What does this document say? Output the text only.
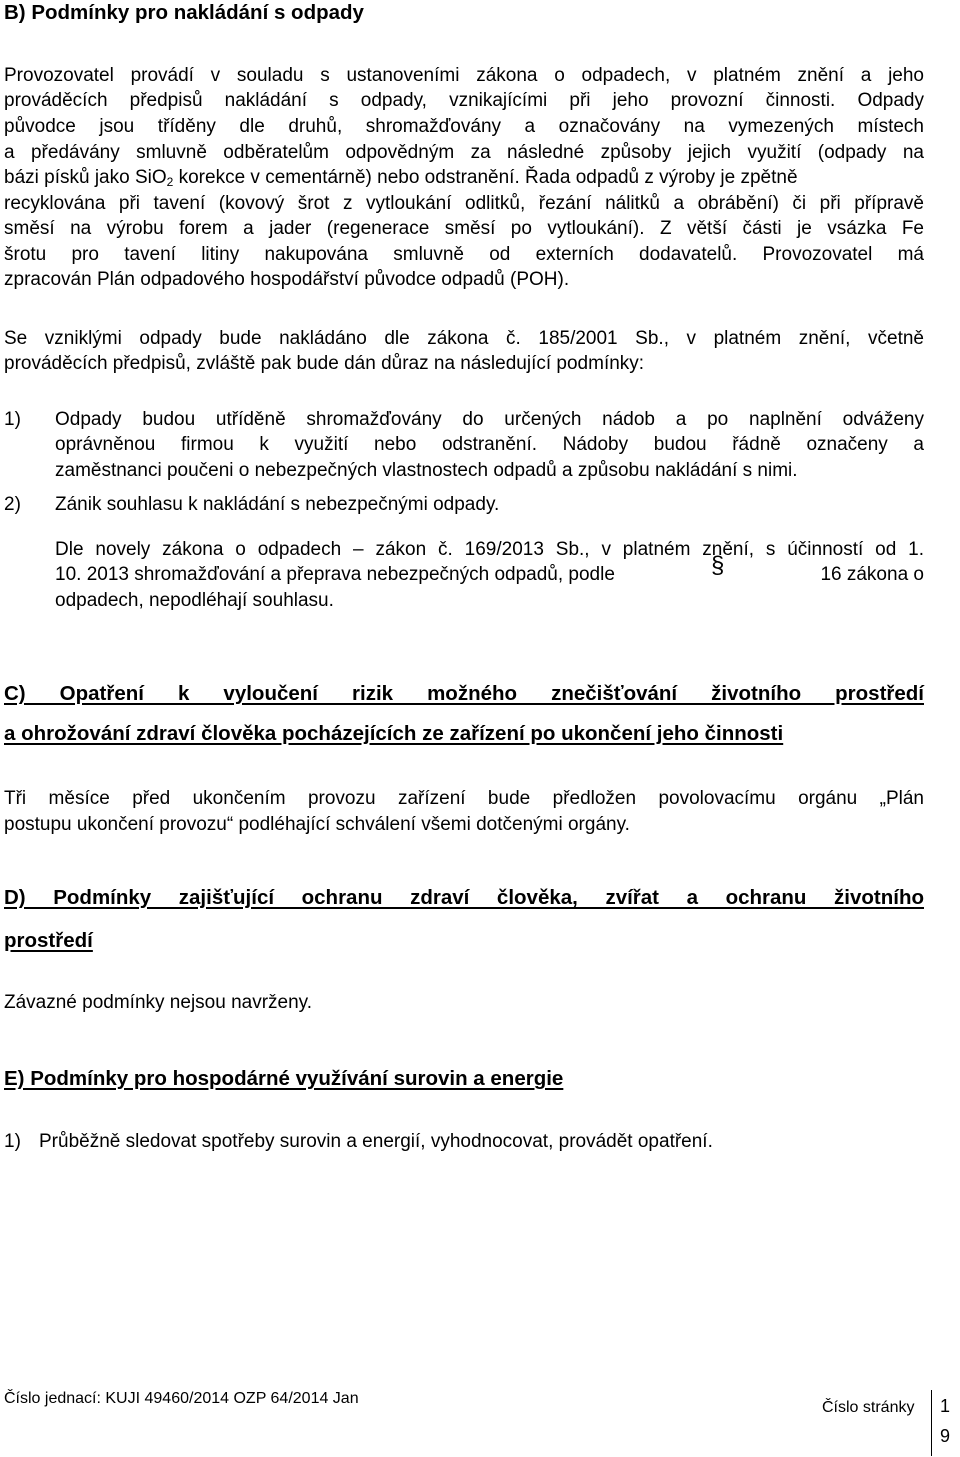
B) Podmínky pro nakládání s odpady
Provozovatel provádí v souladu s ustanoveními zákona o odpadech, v platném znění a jeho
prováděcích předpisů nakládání s odpady, vznikajícími při jeho provozní činnosti. Odpady
původce jsou tříděny dle druhů, shromažďovány a označovány na vymezených místech
a předávány smluvně odběratelům odpovědným za následné způsoby jejich využití (odpady na
bázi písků jako SiO$_2$ korekce v cementárně) nebo odstranění. Řada odpadů z výroby je zpětně
recyklována při tavení (kovový šrot z vytloukání odlitků, řezání nálitků a obrábění) či při přípravě
směsí na výrobu forem a jader (regenerace směsí po vytloukání). Z větší části je vsázka Fe
šrotu pro tavení litiny nakupována smluvně od externích dodavatelů. Provozovatel má
zpracován Plán odpadového hospodářství původce odpadů (POH).
Se vzniklými odpady bude nakládáno dle zákona č. 185/2001 Sb., v platném znění, včetně
prováděcích předpisů, zvláště pak bude dán důraz na následující podmínky:
1) Odpady budou utříděně shromažďovány do určených nádob a po naplnění odváženy
oprávněnou firmou k využití nebo odstranění. Nádoby budou řádně označeny a
zaměstnanci poučeni o nebezpečných vlastnostech odpadů a způsobu nakládání s nimi.
2) Zánik souhlasu k nakládání s nebezpečnými odpady.
Dle novely zákona o odpadech – zákon č. 169/2013 Sb., v platném znění, s účinností od 1.
10. 2013 shromažďování a přeprava nebezpečných odpadů, podle	§	16 zákona o
odpadech, nepodléhají souhlasu.
C) Opatření k vyloučení rizik možného znečišťování životního prostředí
a ohrožování zdraví člověka pocházejících ze zařízení po ukončení jeho činnosti
Tři měsíce před ukončením provozu zařízení bude předložen povolovacímu orgánu „Plán
postupu ukončení provozu“ podléhající schválení všemi dotčenými orgány.
D) Podmínky zajišťující ochranu zdraví člověka, zvířat a ochranu životního
prostředí
Závazné podmínky nejsou navrženy.
E) Podmínky pro hospodárné využívání surovin a energie
1) Průběžně sledovat spotřeby surovin a energií, vyhodnocovat, provádět opatření.
Číslo jednací: KUJI 49460/2014 OZP 64/2014 Jan
Číslo stránky 1
9
